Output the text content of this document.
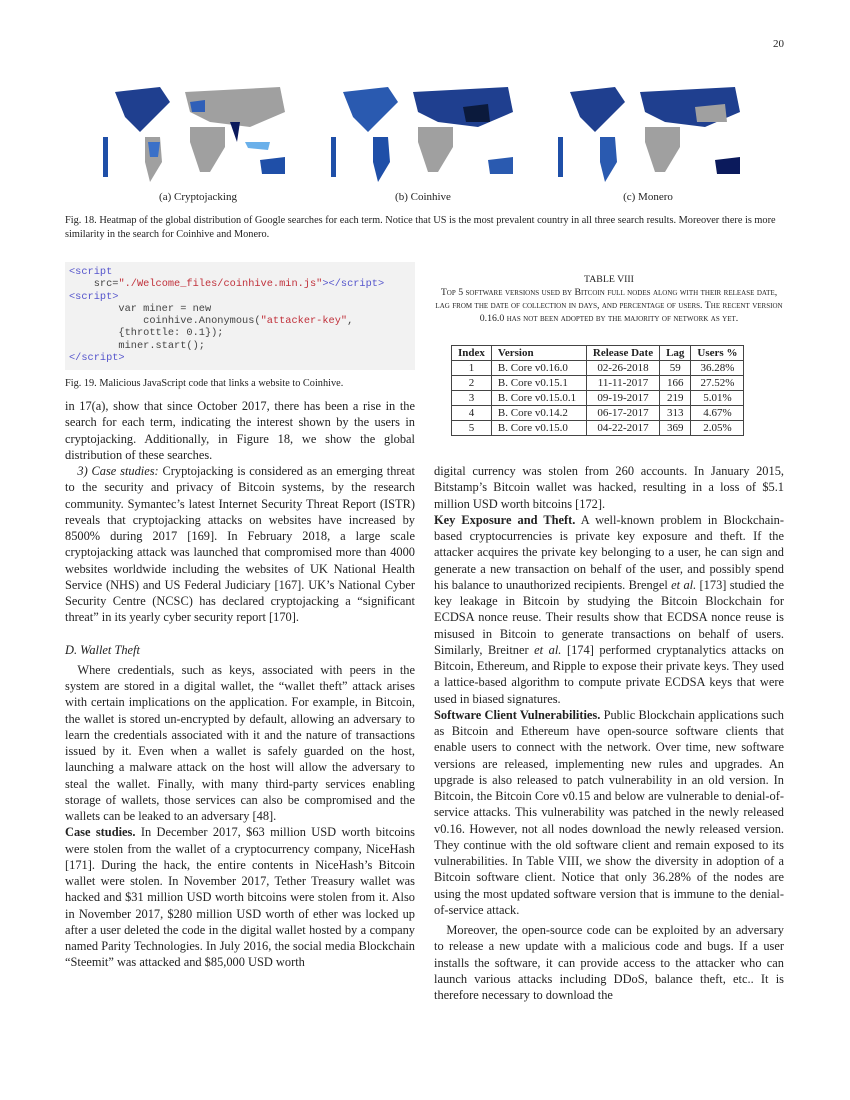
20
(a) Cryptojacking	(b) Coinhive	(c) Monero
Fig. 18. Heatmap of the global distribution of Google searches for each term. Notice that US is the most prevalent country in all three search results. Moreover there is more similarity in the search for Coinhive and Monero.
<script
src="./Welcome_files/coinhive.min.js"></script>
<script>
var miner = new
coinhive.Anonymous("attacker-key",
{throttle: 0.1});
miner.start();
</script>
Fig. 19. Malicious JavaScript code that links a website to Coinhive.
TABLE VIII
Top 5 software versions used by Bitcoin full nodes along with their release date, lag from the date of collection in days, and percentage of users. The recent version 0.16.0 has not been adopted by the majority of network as yet.
Index	Version	Release Date	Lag	Users %
1	B. Core v0.16.0	02-26-2018	59	36.28%
2	B. Core v0.15.1	11-11-2017	166	27.52%
3	B. Core v0.15.0.1	09-19-2017	219	5.01%
4	B. Core v0.14.2	06-17-2017	313	4.67%
5	B. Core v0.15.0	04-22-2017	369	2.05%

in 17(a), show that since October 2017, there has been a rise in the search for each term, indicating the interest shown by the users in cryptojacking. Additionally, in Figure 18, we show the global distribution of these searches.

3) Case studies: Cryptojacking is considered as an emerging threat to the security and privacy of Bitcoin systems, by the research community. Symantec’s latest Internet Security Threat Report (ISTR) reveals that cryptojacking attacks on websites have increased by 8500% during 2017 [169]. In February 2018, a large scale cryptojacking attack was launched that compromised more than 4000 websites worldwide including the websites of UK National Health Service (NHS) and US Federal Judiciary [167]. UK’s National Cyber Security Centre (NCSC) has declared cryptojacking a “significant threat” in its yearly cyber security report [170].

D. Wallet Theft

Where credentials, such as keys, associated with peers in the system are stored in a digital wallet, the “wallet theft” attack arises with certain implications on the application. For example, in Bitcoin, the wallet is stored un-encrypted by default, allowing an adversary to learn the credentials associated with it and the nature of transactions issued by it. Even when a wallet is safely guarded on the host, launching a malware attack on the host will allow the adversary to steal the wallet. Finally, with many third-party services enabling storage of wallets, those services can also be compromised and the wallets can be leaked to an adversary [48].

Case studies. In December 2017, $63 million USD worth bitcoins were stolen from the wallet of a cryptocurrency company, NiceHash [171]. During the hack, the entire contents in NiceHash’s Bitcoin wallet were stolen. In November 2017, Tether Treasury wallet was hacked and $31 million USD worth bitcoins were stolen from it. Also in November 2017, $280 million USD worth of ether was locked up after a user deleted the code in the digital wallet hosted by a company named Parity Technologies. In July 2016, the social media Blockchain “Steemit” was attacked and $85,000 USD worth

digital currency was stolen from 260 accounts. In January 2015, Bitstamp’s Bitcoin wallet was hacked, resulting in a loss of $5.1 million USD worth bitcoins [172].

Key Exposure and Theft. A well-known problem in Blockchain-based cryptocurrencies is private key exposure and theft. If the attacker acquires the private key belonging to a user, he can sign and generate a new transaction on behalf of the user, and possibly spend his balance to unauthorized recipients. Brengel et al. [173] studied the key leakage in Bitcoin by studying the Bitcoin Blockchain for ECDSA nonce reuse. Their results show that ECDSA nonce reuse is misused in Bitcoin to generate transactions on behalf of users. Similarly, Breitner et al. [174] performed cryptanalytics attacks on Bitcoin, Ethereum, and Ripple to expose their private keys. They used a lattice-based algorithm to compute private ECDSA keys that were used in biased signatures.

Software Client Vulnerabilities. Public Blockchain applications such as Bitcoin and Ethereum have open-source software clients that enable users to connect with the network. Over time, new software versions are released, implementing new rules and upgrades. An upgrade is also released to patch vulnerability in an old version. In Bitcoin, the Bitcoin Core v0.15 and below are vulnerable to denial-of-service attacks. This vulnerability was patched in the newly released v0.16. However, not all nodes download the newly released version. They continue with the old software client and remain exposed to its vulnerabilities. In Table VIII, we show the diversity in adoption of a Bitcoin software client. Notice that only 36.28% of the nodes are using the most updated software version that is immune to the denial-of-service attack.

Moreover, the open-source code can be exploited by an adversary to release a new update with a malicious code and bugs. If a user installs the software, it can provide access to the attacker who can launch various attacks including DDoS, balance theft, etc.. It is therefore necessary to download the
